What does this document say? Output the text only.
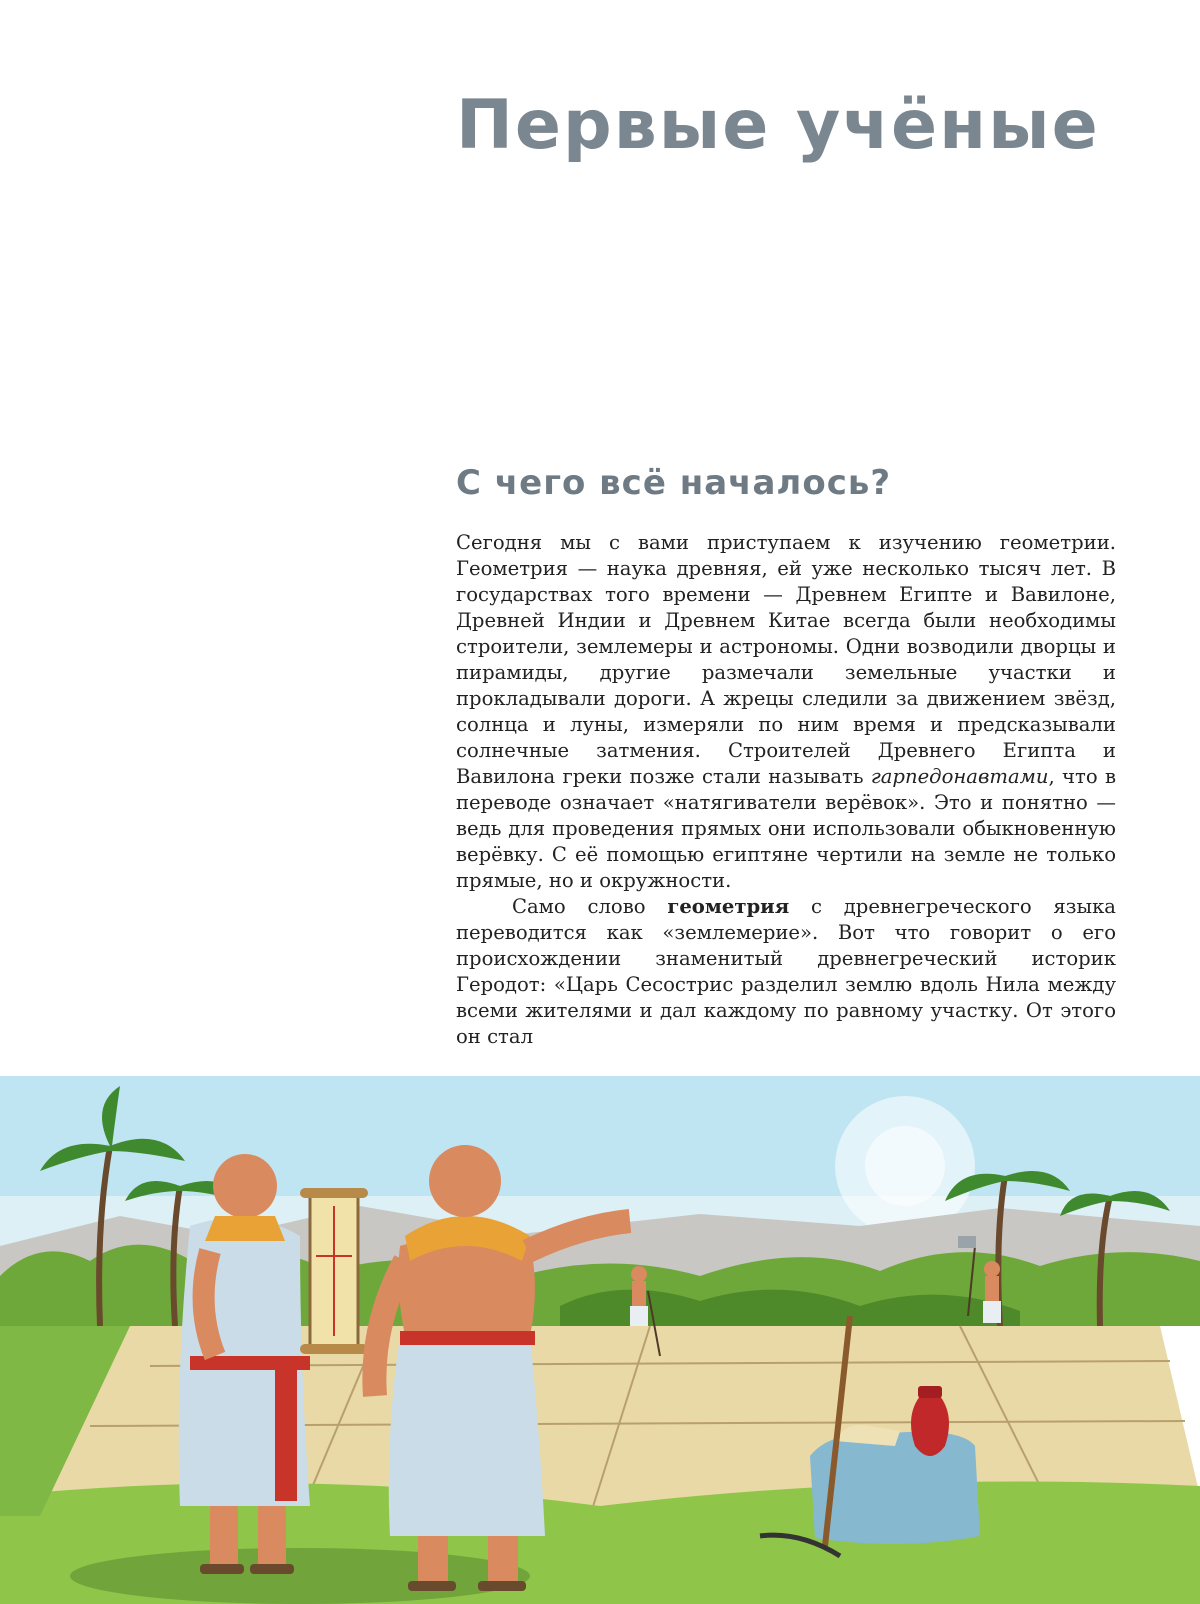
Первые учёные
С чего всё началось?

Сегодня мы с вами приступаем к изучению геометрии. Геометрия — наука древняя, ей уже несколько тысяч лет. В государствах того времени — Древнем Египте и Вавилоне, Древней Индии и Древнем Китае всегда были необходимы строители, землемеры и астрономы. Одни возводили дворцы и пирамиды, другие размечали земельные участки и прокладывали дороги. А жрецы следили за движением звёзд, солнца и луны, измеряли по ним время и предсказывали солнечные затмения. Строителей Древнего Египта и Вавилона греки позже стали называть гарпедонавтами, что в переводе означает «натягиватели верёвок». Это и понятно — ведь для проведения прямых они использовали обыкновенную верёвку. С её помощью египтяне чертили на земле не только прямые, но и окружности.

Само слово геометрия с древнегреческого языка переводится как «землемерие». Вот что говорит о его происхождении знаменитый древнегреческий историк Геродот: «Царь Сесострис разделил землю вдоль Нила между всеми жителями и дал каждому по равному участку. От этого он стал
